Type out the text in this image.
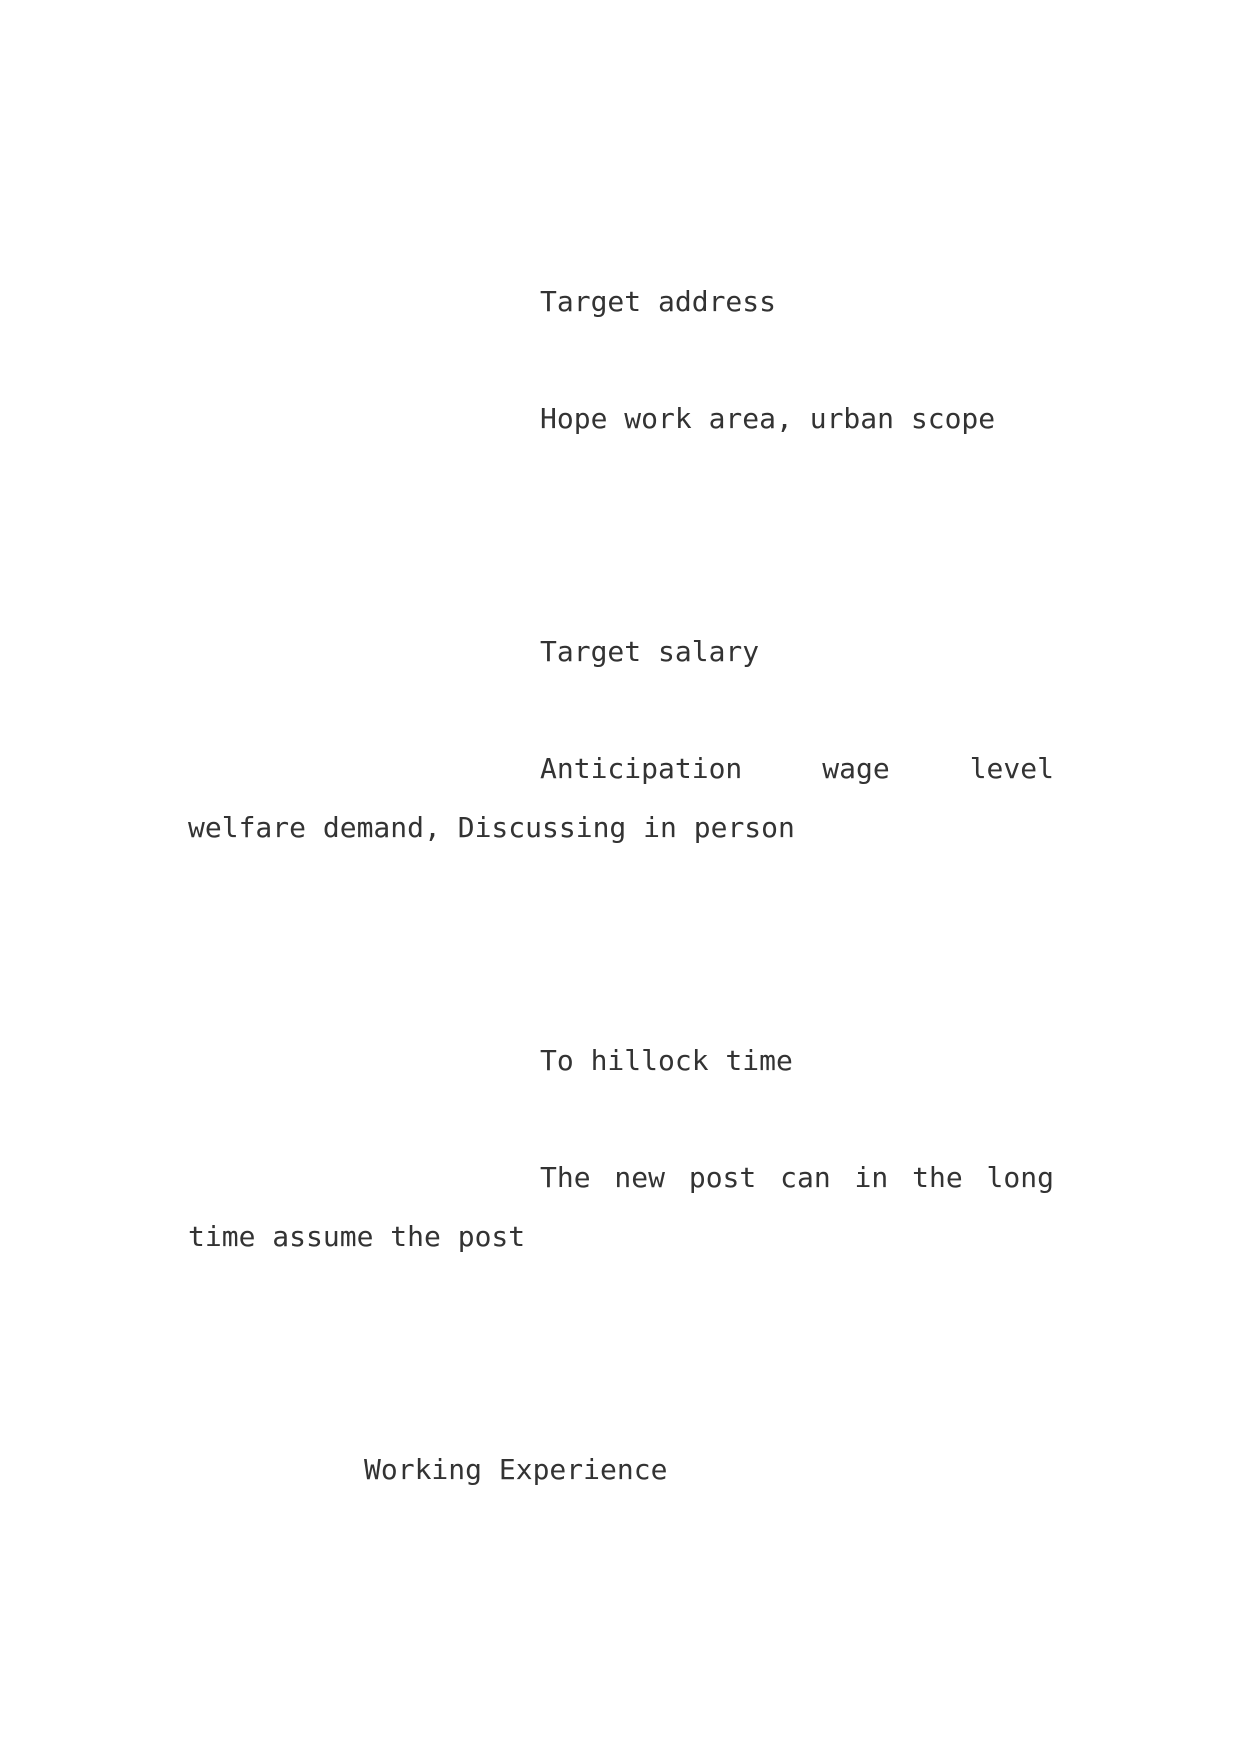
Target address
Hope work area, urban scope
Target salary
Anticipation	wage	level
welfare demand, Discussing in person
To hillock time
The new post can in the long
time assume the post
Working Experience
